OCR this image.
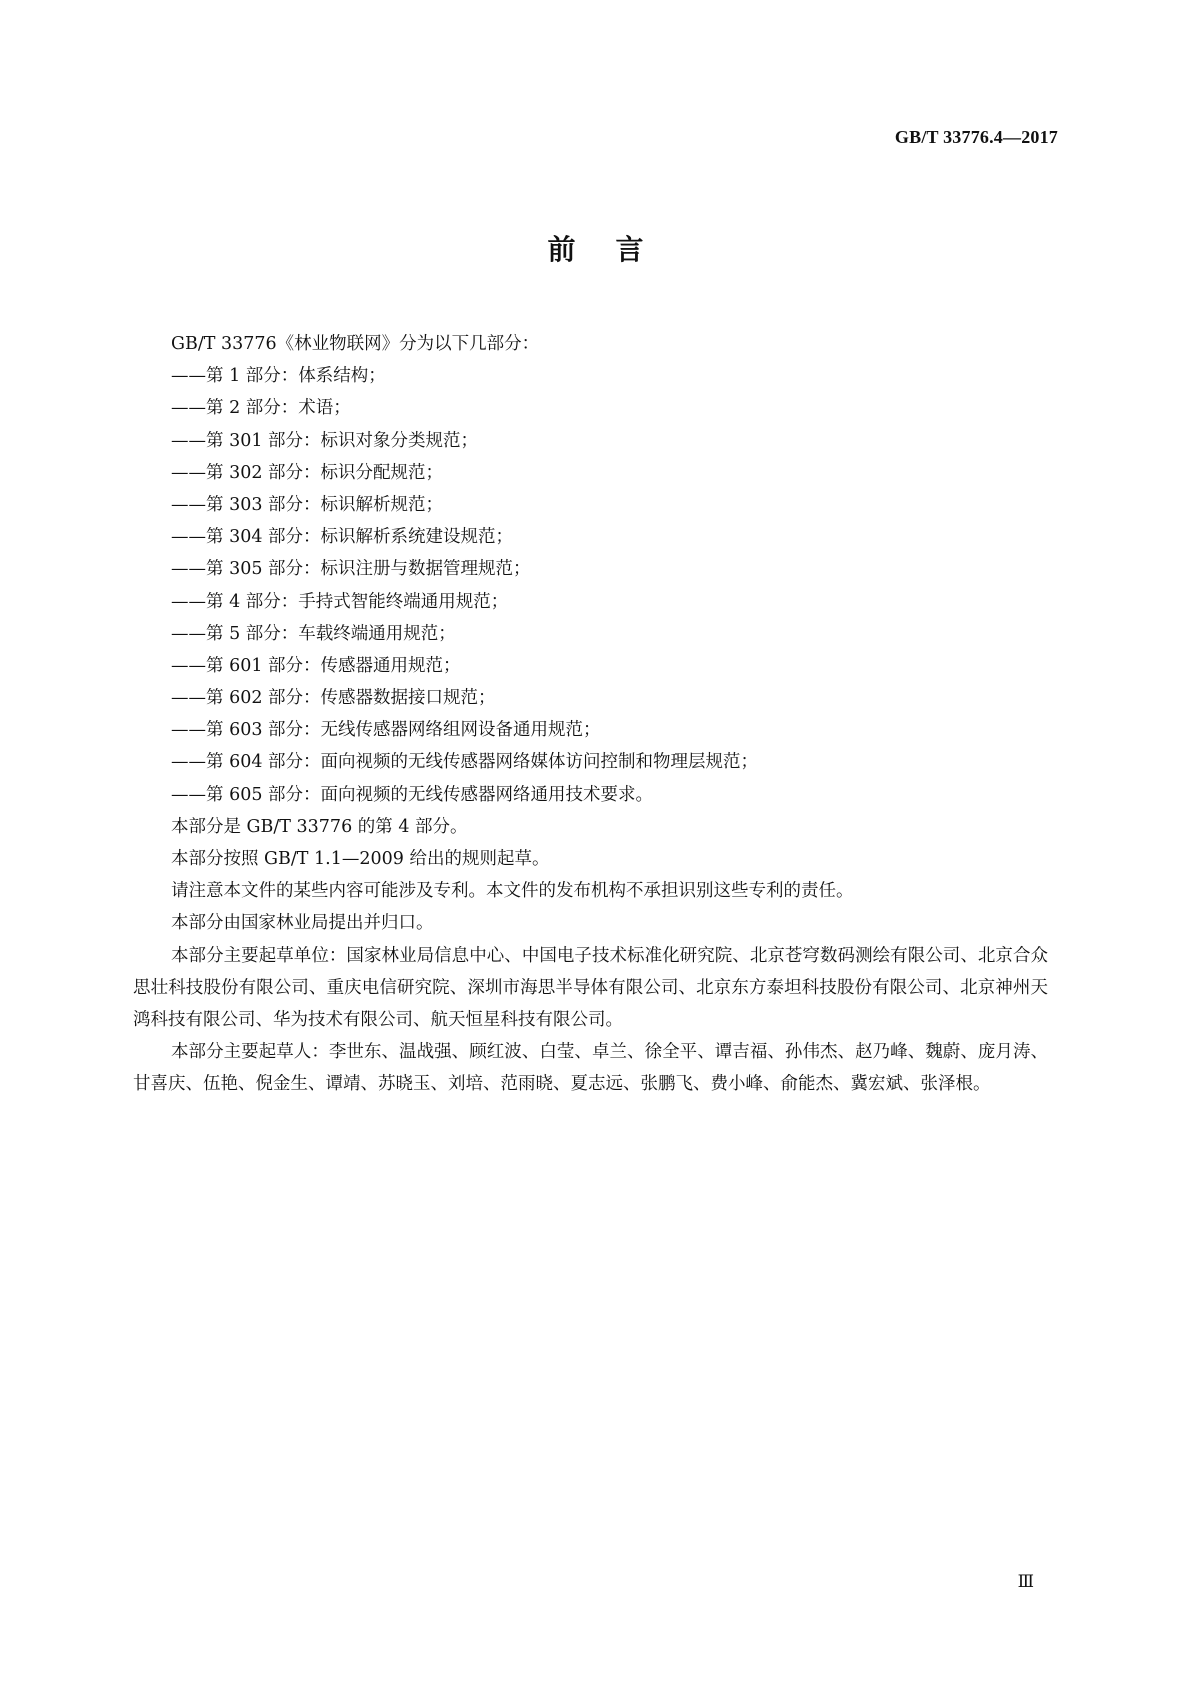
GB/T 33776.4—2017
前言
GB/T 33776《林业物联网》分为以下几部分：
——第 1 部分：体系结构；
——第 2 部分：术语；
——第 301 部分：标识对象分类规范；
——第 302 部分：标识分配规范；
——第 303 部分：标识解析规范；
——第 304 部分：标识解析系统建设规范；
——第 305 部分：标识注册与数据管理规范；
——第 4 部分：手持式智能终端通用规范；
——第 5 部分：车载终端通用规范；
——第 601 部分：传感器通用规范；
——第 602 部分：传感器数据接口规范；
——第 603 部分：无线传感器网络组网设备通用规范；
——第 604 部分：面向视频的无线传感器网络媒体访问控制和物理层规范；
——第 605 部分：面向视频的无线传感器网络通用技术要求。
本部分是 GB/T 33776 的第 4 部分。
本部分按照 GB/T 1.1—2009 给出的规则起草。
请注意本文件的某些内容可能涉及专利。本文件的发布机构不承担识别这些专利的责任。
本部分由国家林业局提出并归口。
本部分主要起草单位：国家林业局信息中心、中国电子技术标准化研究院、北京苍穹数码测绘有限公司、北京合众思壮科技股份有限公司、重庆电信研究院、深圳市海思半导体有限公司、北京东方泰坦科技股份有限公司、北京神州天鸿科技有限公司、华为技术有限公司、航天恒星科技有限公司。
本部分主要起草人：李世东、温战强、顾红波、白莹、卓兰、徐全平、谭吉福、孙伟杰、赵乃峰、魏蔚、庞月涛、甘喜庆、伍艳、倪金生、谭靖、苏晓玉、刘培、范雨晓、夏志远、张鹏飞、费小峰、俞能杰、冀宏斌、张泽根。
Ⅲ
